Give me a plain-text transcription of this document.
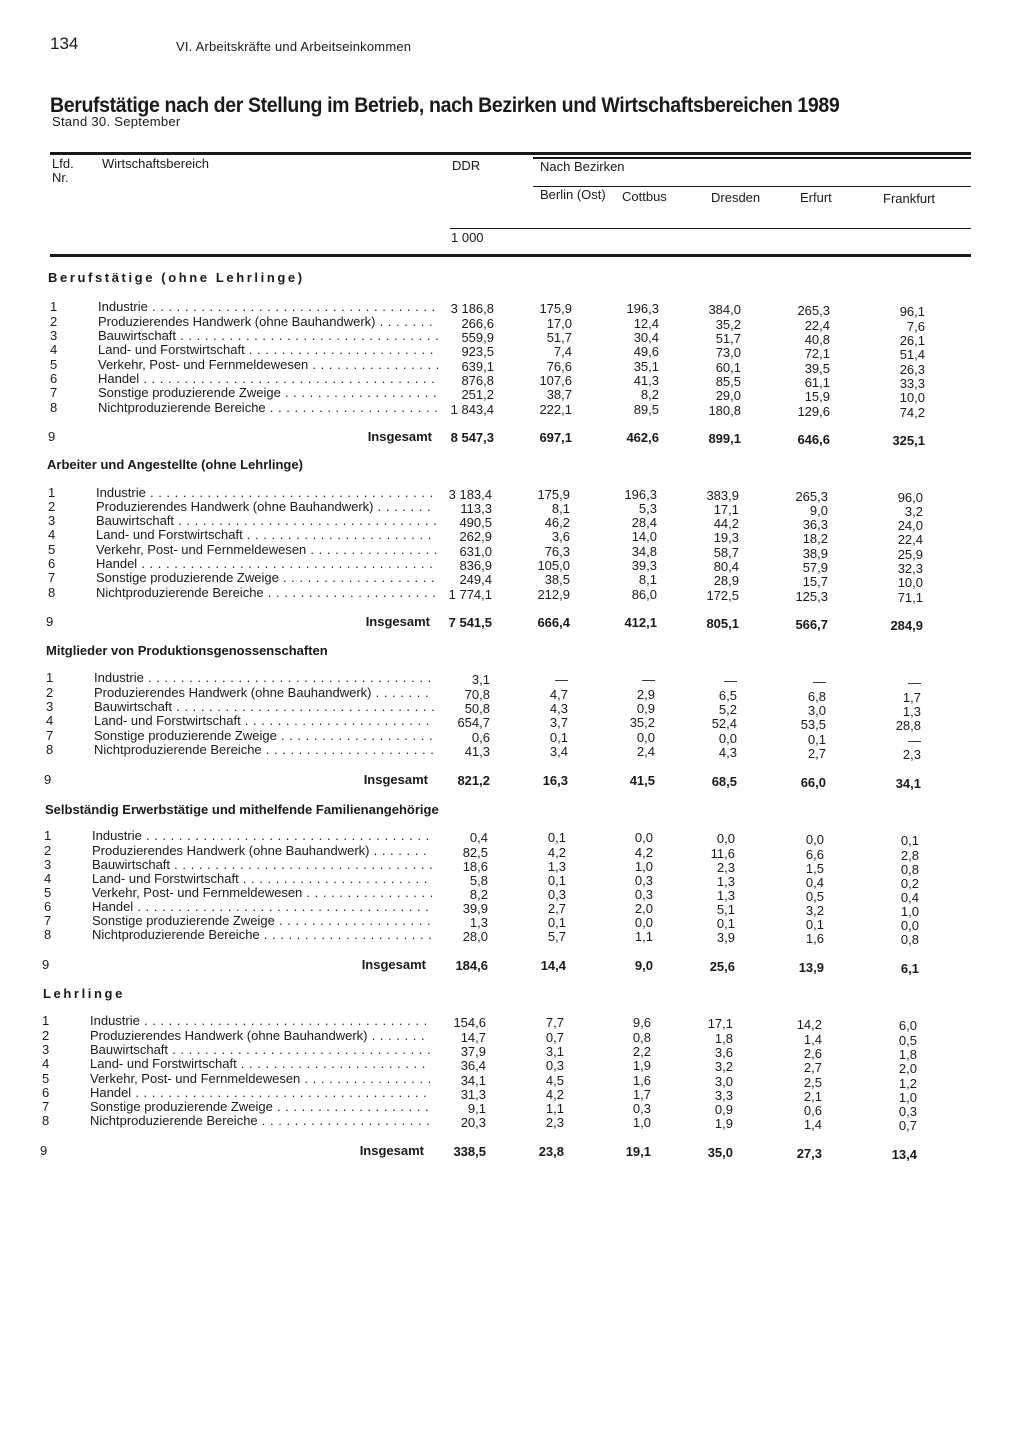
134	VI. Arbeitskräfte und Arbeitseinkommen
Berufstätige nach der Stellung im Betrieb, nach Bezirken und Wirtschaftsbereichen 1989
Stand 30. September
Lfd.
Nr.
Wirtschaftsbereich	DDR	Nach Bezirken
Berlin (Ost) Cottbus	Dresden	Erfurt	Frankfurt
1 000
Berufstätige (ohne Lehrlinge)
1	Industrie . . .	3 186,8	175,9	196,3	384,0	265,3	96,1
2	Produzierendes Handwerk (ohne Bauhandwerk) . . .	266,6	17,0	12,4	35,2	22,4	7,6
3	Bauwirtschaft . . .	559,9	51,7	30,4	51,7	40,8	26,1
4	Land- und Forstwirtschaft . . .	923,5	7,4	49,6	73,0	72,1	51,4
5	Verkehr, Post- und Fernmeldewesen . . .	639,1	76,6	35,1	60,1	39,5	26,3
6	Handel . . .	876,8	107,6	41,3	85,5	61,1	33,3
7	Sonstige produzierende Zweige . . .	251,2	38,7	8,2	29,0	15,9	10,0
8	Nichtproduzierende Bereiche . . .	1 843,4	222,1	89,5	180,8	129,6	74,2
9	Insgesamt 8 547,3	697,1	462,6	899,1	646,6	325,1
Arbeiter und Angestellte (ohne Lehrlinge)
1	Industrie . . .	3 183,4	175,9	196,3	383,9	265,3	96,0
2	Produzierendes Handwerk (ohne Bauhandwerk) . . .	113,3	8,1	5,3	17,1	9,0	3,2
3	Bauwirtschaft . . .	490,5	46,2	28,4	44,2	36,3	24,0
4	Land- und Forstwirtschaft . . .	262,9	3,6	14,0	19,3	18,2	22,4
5	Verkehr, Post- und Fernmeldewesen . . .	631,0	76,3	34,8	58,7	38,9	25,9
6	Handel . . .	836,9	105,0	39,3	80,4	57,9	32,3
7	Sonstige produzierende Zweige . . .	249,4	38,5	8,1	28,9	15,7	10,0
8	Nichtproduzierende Bereiche . . .	1 774,1	212,9	86,0	172,5	125,3	71,1
9	Insgesamt 7 541,5	666,4	412,1	805,1	566,7	284,9
Mitglieder von Produktionsgenossenschaften
1	Industrie . . .	3,1	—	—	—	—	—
2	Produzierendes Handwerk (ohne Bauhandwerk) . . .	70,8	4,7	2,9	6,5	6,8	1,7
3	Bauwirtschaft . . .	50,8	4,3	0,9	5,2	3,0	1,3
4	Land- und Forstwirtschaft . . .	654,7	3,7	35,2	52,4	53,5	28,8
7	Sonstige produzierende Zweige . . .	0,6	0,1	0,0	0,0	0,1	—
8	Nichtproduzierende Bereiche . . .	41,3	3,4	2,4	4,3	2,7	2,3
9	Insgesamt 821,2	16,3	41,5	68,5	66,0	34,1
Selbständig Erwerbstätige und mithelfende Familienangehörige
1	Industrie . . .	0,4	0,1	0,0	0,0	0,0	0,1
2	Produzierendes Handwerk (ohne Bauhandwerk) . . .	82,5	4,2	4,2	11,6	6,6	2,8
3	Bauwirtschaft . . .	18,6	1,3	1,0	2,3	1,5	0,8
4	Land- und Forstwirtschaft . . .	5,8	0,1	0,3	1,3	0,4	0,2
5	Verkehr, Post- und Fernmeldewesen . . .	8,2	0,3	0,3	1,3	0,5	0,4
6	Handel . . .	39,9	2,7	2,0	5,1	3,2	1,0
7	Sonstige produzierende Zweige . . .	1,3	0,1	0,0	0,1	0,1	0,0
8	Nichtproduzierende Bereiche . . .	28,0	5,7	1,1	3,9	1,6	0,8
9	Insgesamt 184,6	14,4	9,0	25,6	13,9	6,1
Lehrlinge
1	Industrie . . .	154,6	7,7	9,6	17,1	14,2	6,0
2	Produzierendes Handwerk (ohne Bauhandwerk) . . .	14,7	0,7	0,8	1,8	1,4	0,5
3	Bauwirtschaft . . .	37,9	3,1	2,2	3,6	2,6	1,8
4	Land- und Forstwirtschaft . . .	36,4	0,3	1,9	3,2	2,7	2,0
5	Verkehr, Post- und Fernmeldewesen . . .	34,1	4,5	1,6	3,0	2,5	1,2
6	Handel . . .	31,3	4,2	1,7	3,3	2,1	1,0
7	Sonstige produzierende Zweige . . .	9,1	1,1	0,3	0,9	0,6	0,3
8	Nichtproduzierende Bereiche . . .	20,3	2,3	1,0	1,9	1,4	0,7
9	Insgesamt 338,5	23,8	19,1	35,0	27,3	13,4
